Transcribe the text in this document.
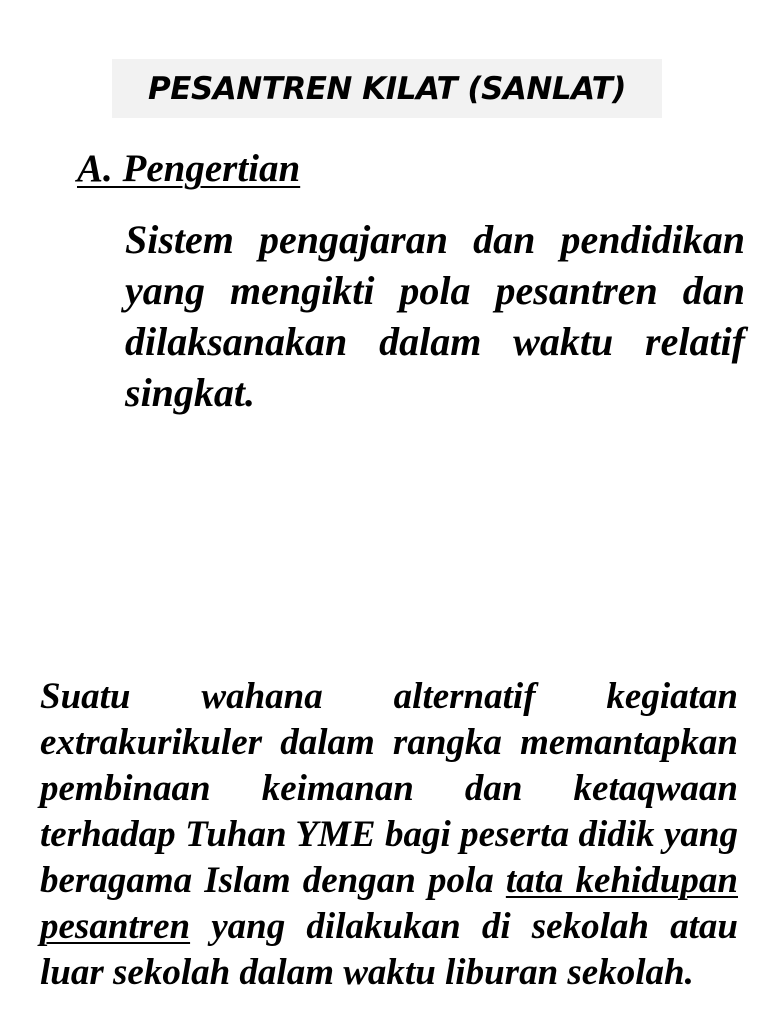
PESANTREN KILAT (SANLAT)
A. Pengertian

Sistem pengajaran dan pendidikan yang mengikti pola pesantren dan dilaksanakan dalam waktu relatif singkat.

Suatu wahana alternatif kegiatan extrakurikuler dalam rangka memantapkan pembinaan keimanan dan ketaqwaan terhadap Tuhan YME bagi peserta didik yang beragama Islam dengan pola tata kehidupan pesantren yang dilakukan di sekolah atau luar sekolah dalam waktu liburan sekolah.
